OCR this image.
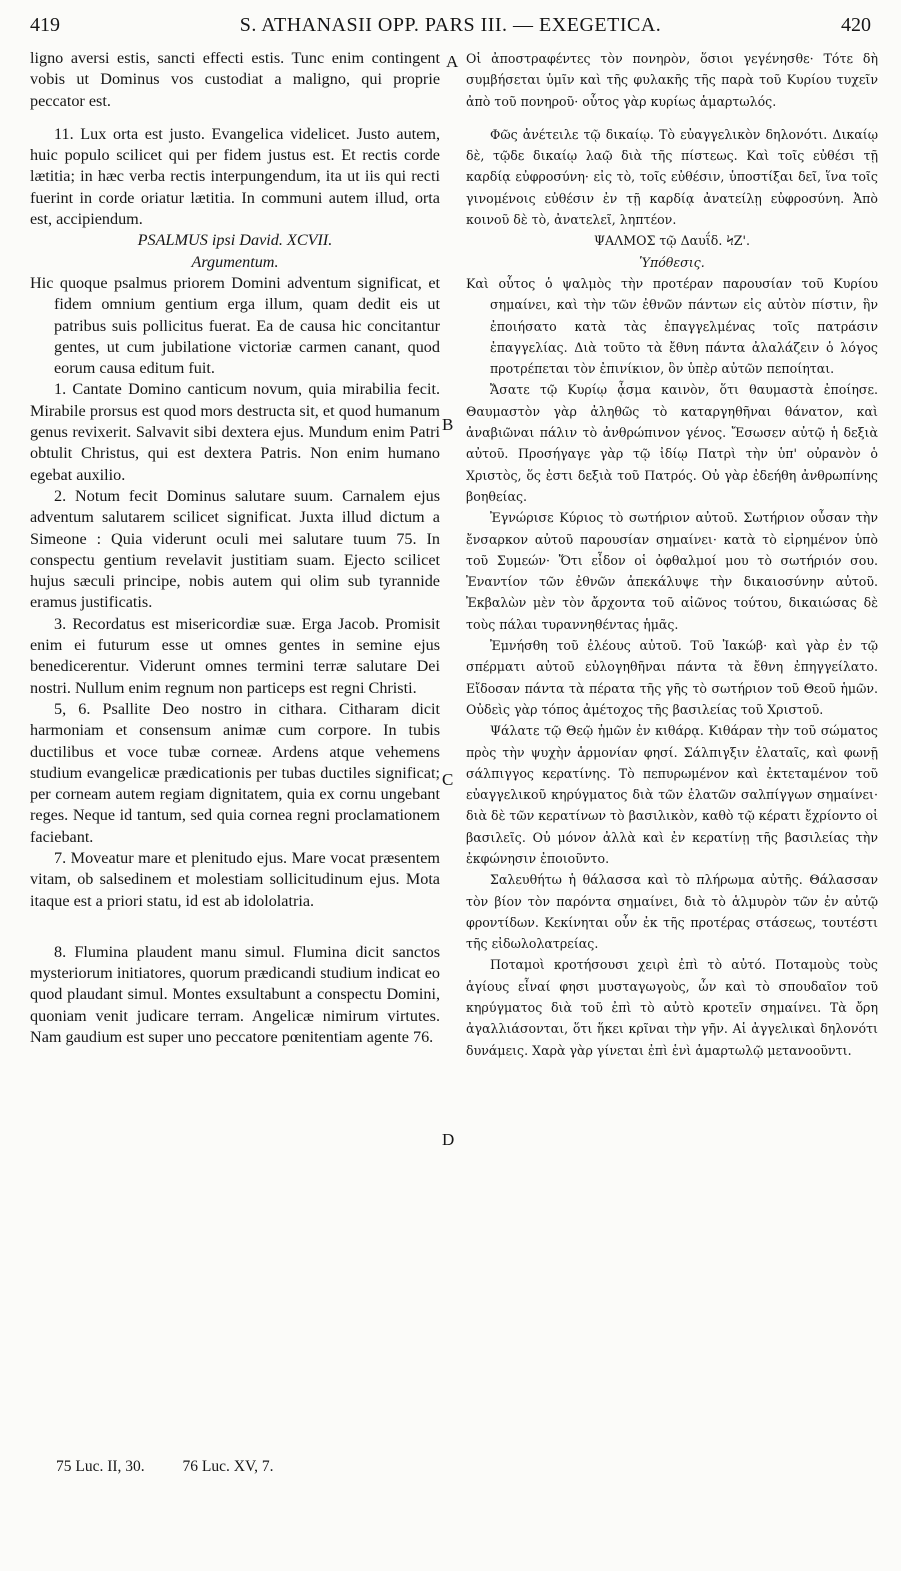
419	S. ATHANASII OPP. PARS III. — EXEGETICA.	420
A
B
C
D

ligno aversi estis, sancti effecti estis. Tunc enim contingent vobis ut Dominus vos custodiat a maligno, qui proprie peccator est.

11. Lux orta est justo. Evangelica videlicet. Justo autem, huic populo scilicet qui per fidem justus est. Et rectis corde lætitia; in hæc verba rectis interpungendum, ita ut iis qui recti fuerint in corde oriatur lætitia. In communi autem illud, orta est, accipiendum.

PSALMUS ipsi David. XCVII.

Argumentum.

Hic quoque psalmus priorem Domini adventum significat, et fidem omnium gentium erga illum, quam dedit eis ut patribus suis pollicitus fuerat. Ea de causa hic concitantur gentes, ut cum jubilatione victoriæ carmen canant, quod eorum causa editum fuit.

1. Cantate Domino canticum novum, quia mirabilia fecit. Mirabile prorsus est quod mors destructa sit, et quod humanum genus revixerit. Salvavit sibi dextera ejus. Mundum enim Patri obtulit Christus, qui est dextera Patris. Non enim humano egebat auxilio.

2. Notum fecit Dominus salutare suum. Carnalem ejus adventum salutarem scilicet significat. Juxta illud dictum a Simeone : Quia viderunt oculi mei salutare tuum 75. In conspectu gentium revelavit justitiam suam. Ejecto scilicet hujus sæculi principe, nobis autem qui olim sub tyrannide eramus justificatis.

3. Recordatus est misericordiæ suæ. Erga Jacob. Promisit enim ei futurum esse ut omnes gentes in semine ejus benedicerentur. Viderunt omnes termini terræ salutare Dei nostri. Nullum enim regnum non particeps est regni Christi.

5, 6. Psallite Deo nostro in cithara. Citharam dicit harmoniam et consensum animæ cum corpore. In tubis ductilibus et voce tubæ corneæ. Ardens atque vehemens studium evangelicæ prædicationis per tubas ductiles significat; per corneam autem regiam dignitatem, quia ex cornu ungebant reges. Neque id tantum, sed quia cornea regni proclamationem faciebant.

7. Moveatur mare et plenitudo ejus. Mare vocat præsentem vitam, ob salsedinem et molestiam sollicitudinum ejus. Mota itaque est a priori statu, id est ab idololatria.

8. Flumina plaudent manu simul. Flumina dicit sanctos mysteriorum initiatores, quorum prædicandi studium indicat eo quod plaudant simul. Montes exsultabunt a conspectu Domini, quoniam venit judicare terram. Angelicæ nimirum virtutes. Nam gaudium est super uno peccatore pœnitentiam agente 76.

Οἱ ἀποστραφέντες τὸν πονηρὸν, ὅσιοι γεγένησθε· Τότε δὴ συμβήσεται ὑμῖν καὶ τῆς φυλακῆς τῆς παρὰ τοῦ Κυρίου τυχεῖν ἀπὸ τοῦ πονηροῦ· οὗτος γὰρ κυρίως ἁμαρτωλός.

Φῶς ἀνέτειλε τῷ δικαίῳ. Τὸ εὐαγγελικὸν δηλονότι. Δικαίῳ δὲ, τῷδε δικαίῳ λαῷ διὰ τῆς πίστεως. Καὶ τοῖς εὐθέσι τῇ καρδίᾳ εὐφροσύνη· εἰς τὸ, τοῖς εὐθέσιν, ὑποστίξαι δεῖ, ἵνα τοῖς γινομένοις εὐθέσιν ἐν τῇ καρδίᾳ ἀνατείλῃ εὐφροσύνη. Ἀπὸ κοινοῦ δὲ τὸ, ἀνατελεῖ, ληπτέον.

ΨΑΛΜΟΣ τῷ Δαυΐδ. ϞΖ'.

Ὑπόθεσις.

Καὶ οὗτος ὁ ψαλμὸς τὴν προτέραν παρουσίαν τοῦ Κυρίου σημαίνει, καὶ τὴν τῶν ἐθνῶν πάντων εἰς αὐτὸν πίστιν, ἣν ἐποιήσατο κατὰ τὰς ἐπαγγελμένας τοῖς πατράσιν ἐπαγγελίας. Διὰ τοῦτο τὰ ἔθνη πάντα ἀλαλάζειν ὁ λόγος προτρέπεται τὸν ἐπινίκιον, ὃν ὑπὲρ αὐτῶν πεποίηται.

Ἄσατε τῷ Κυρίῳ ᾆσμα καινὸν, ὅτι θαυμαστὰ ἐποίησε. Θαυμαστὸν γὰρ ἀληθῶς τὸ καταργηθῆναι θάνατον, καὶ ἀναβιῶναι πάλιν τὸ ἀνθρώπινον γένος. Ἔσωσεν αὐτῷ ἡ δεξιὰ αὐτοῦ. Προσήγαγε γὰρ τῷ ἰδίῳ Πατρὶ τὴν ὑπ' οὐρανὸν ὁ Χριστὸς, ὅς ἐστι δεξιὰ τοῦ Πατρός. Οὐ γὰρ ἐδεήθη ἀνθρωπίνης βοηθείας.

Ἐγνώρισε Κύριος τὸ σωτήριον αὐτοῦ. Σωτήριον οὖσαν τὴν ἔνσαρκον αὐτοῦ παρουσίαν σημαίνει· κατὰ τὸ εἰρημένον ὑπὸ τοῦ Συμεών· Ὅτι εἶδον οἱ ὀφθαλμοί μου τὸ σωτήριόν σου. Ἐναντίον τῶν ἐθνῶν ἀπεκάλυψε τὴν δικαιοσύνην αὐτοῦ. Ἐκβαλὼν μὲν τὸν ἄρχοντα τοῦ αἰῶνος τούτου, δικαιώσας δὲ τοὺς πάλαι τυραννηθέντας ἡμᾶς.

Ἐμνήσθη τοῦ ἐλέους αὐτοῦ. Τοῦ Ἰακώβ· καὶ γὰρ ἐν τῷ σπέρματι αὐτοῦ εὐλογηθῆναι πάντα τὰ ἔθνη ἐπηγγείλατο. Εἴδοσαν πάντα τὰ πέρατα τῆς γῆς τὸ σωτήριον τοῦ Θεοῦ ἡμῶν. Οὐδεὶς γὰρ τόπος ἀμέτοχος τῆς βασιλείας τοῦ Χριστοῦ.

Ψάλατε τῷ Θεῷ ἡμῶν ἐν κιθάρᾳ. Κιθάραν τὴν τοῦ σώματος πρὸς τὴν ψυχὴν ἁρμονίαν φησί. Σάλπιγξιν ἐλαταῖς, καὶ φωνῇ σάλπιγγος κερατίνης. Τὸ πεπυρωμένον καὶ ἐκτεταμένον τοῦ εὐαγγελικοῦ κηρύγματος διὰ τῶν ἐλατῶν σαλπίγγων σημαίνει· διὰ δὲ τῶν κερατίνων τὸ βασιλικὸν, καθὸ τῷ κέρατι ἔχρίοντο οἱ βασιλεῖς. Οὐ μόνον ἀλλὰ καὶ ἐν κερατίνῃ τῆς βασιλείας τὴν ἐκφώνησιν ἐποιοῦντο.

Σαλευθήτω ἡ θάλασσα καὶ τὸ πλήρωμα αὐτῆς. Θάλασσαν τὸν βίον τὸν παρόντα σημαίνει, διὰ τὸ ἁλμυρὸν τῶν ἐν αὐτῷ φροντίδων. Κεκίνηται οὖν ἐκ τῆς προτέρας στάσεως, τουτέστι τῆς εἰδωλολατρείας.

Ποταμοὶ κροτήσουσι χειρὶ ἐπὶ τὸ αὐτό. Ποταμοὺς τοὺς ἁγίους εἶναί φησι μυσταγωγοὺς, ὧν καὶ τὸ σπουδαῖον τοῦ κηρύγματος διὰ τοῦ ἐπὶ τὸ αὐτὸ κροτεῖν σημαίνει. Τὰ ὄρη ἀγαλλιάσονται, ὅτι ἥκει κρῖναι τὴν γῆν. Αἱ ἀγγελικαὶ δηλονότι δυνάμεις. Χαρὰ γὰρ γίνεται ἐπὶ ἑνὶ ἁμαρτωλῷ μετανοοῦντι.

75 Luc. II, 30. 76 Luc. XV, 7.
